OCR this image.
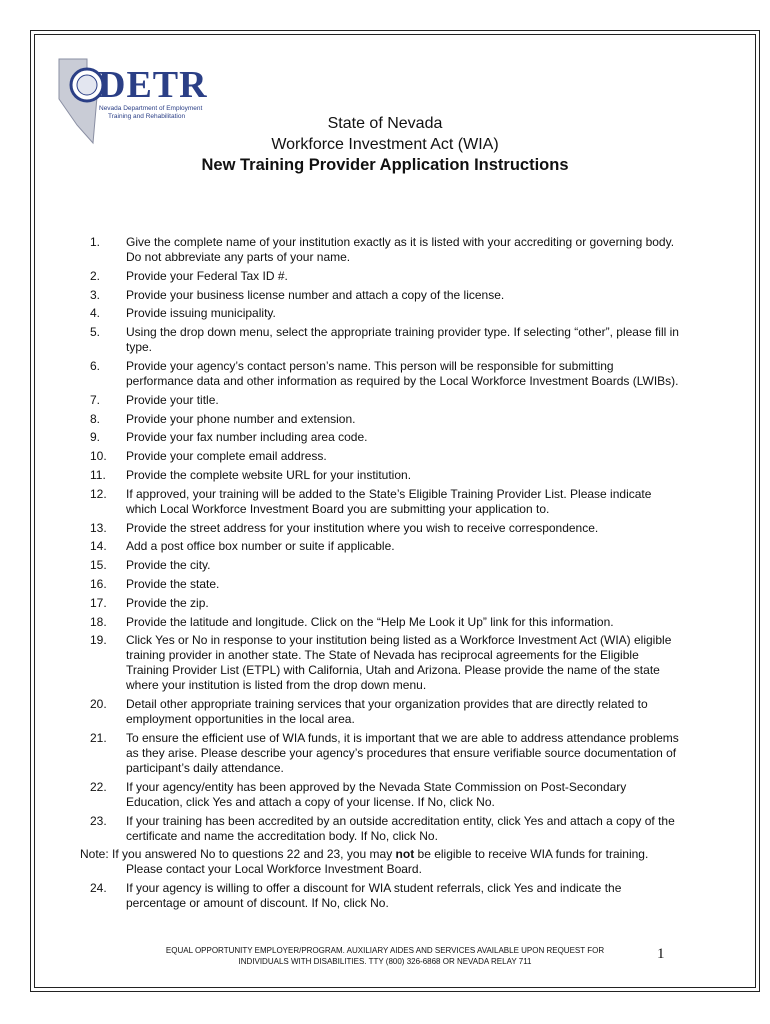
DETR
Nevada Department of Employment
Training and Rehabilitation	State of Nevada
Workforce Investment Act (WIA)
New Training Provider Application Instructions
1.	Give the complete name of your institution exactly as it is listed with your accrediting or governing body. Do not abbreviate any parts of your name.
2.	Provide your Federal Tax ID #.
3.	Provide your business license number and attach a copy of the license.
4.	Provide issuing municipality.
5.	Using the drop down menu, select the appropriate training provider type. If selecting “other”, please fill in type.
6.	Provide your agency’s contact person’s name. This person will be responsible for submitting performance data and other information as required by the Local Workforce Investment Boards (LWIBs).
7.	Provide your title.
8.	Provide your phone number and extension.
9.	Provide your fax number including area code.
10.	Provide your complete email address.
11.	Provide the complete website URL for your institution.
12.	If approved, your training will be added to the State’s Eligible Training Provider List. Please indicate which Local Workforce Investment Board you are submitting your application to.
13.	Provide the street address for your institution where you wish to receive correspondence.
14.	Add a post office box number or suite if applicable.
15.	Provide the city.
16.	Provide the state.
17.	Provide the zip.
18.	Provide the latitude and longitude. Click on the “Help Me Look it Up” link for this information.
19.	Click Yes or No in response to your institution being listed as a Workforce Investment Act (WIA) eligible training provider in another state. The State of Nevada has reciprocal agreements for the Eligible Training Provider List (ETPL) with California, Utah and Arizona. Please provide the name of the state where your institution is listed from the drop down menu.
20.	Detail other appropriate training services that your organization provides that are directly related to employment opportunities in the local area.
21.	To ensure the efficient use of WIA funds, it is important that we are able to address attendance problems as they arise. Please describe your agency’s procedures that ensure verifiable source documentation of participant’s daily attendance.
22.	If your agency/entity has been approved by the Nevada State Commission on Post-Secondary Education, click Yes and attach a copy of your license. If No, click No.
23.	If your training has been accredited by an outside accreditation entity, click Yes and attach a copy of the certificate and name the accreditation body. If No, click No.
Note: If you answered No to questions 22 and 23, you may not be eligible to receive WIA funds for training. Please contact your Local Workforce Investment Board.
24.	If your agency is willing to offer a discount for WIA student referrals, click Yes and indicate the percentage or amount of discount. If No, click No.
EQUAL OPPORTUNITY EMPLOYER/PROGRAM. AUXILIARY AIDES AND SERVICES AVAILABLE UPON REQUEST FOR
INDIVIDUALS WITH DISABILITIES. TTY (800) 326-6868 OR NEVADA RELAY 711	1
